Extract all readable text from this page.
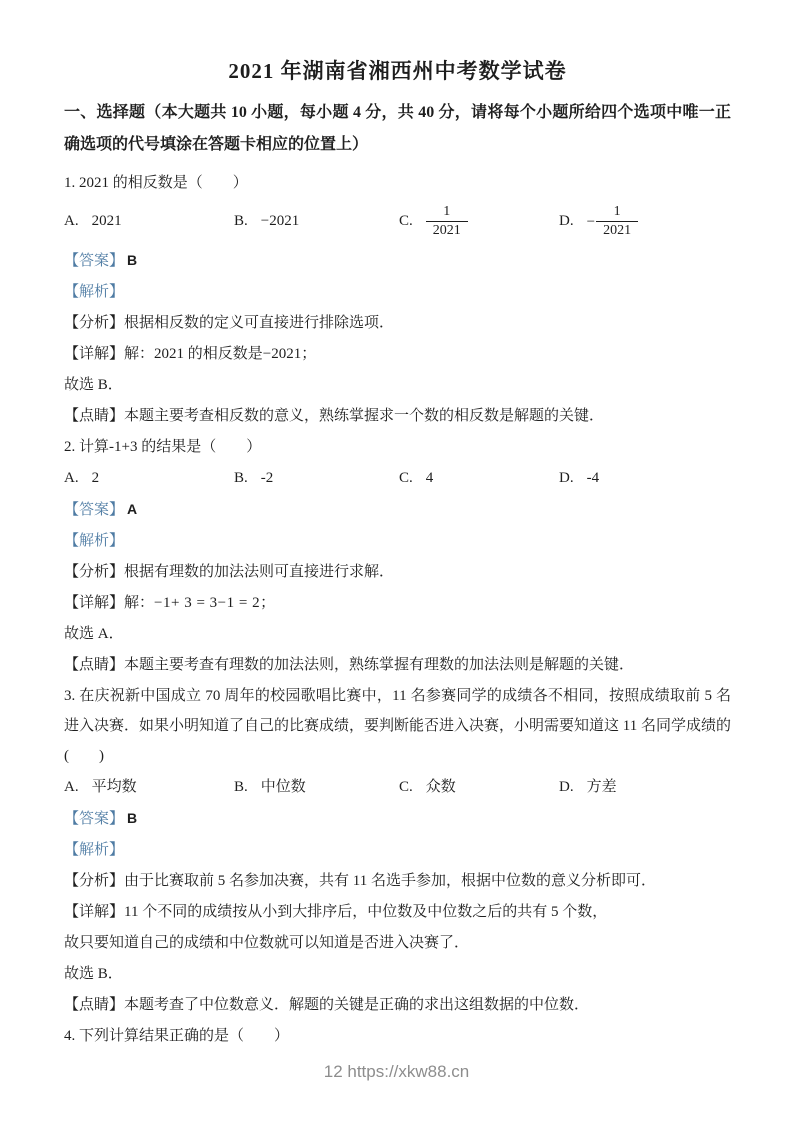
2021 年湖南省湘西州中考数学试卷

一、选择题（本大题共 10 小题，每小题 4 分，共 40 分，请将每个小题所给四个选项中唯一正确选项的代号填涂在答题卡相应的位置上）

1. 2021 的相反数是（　　）

A. 2021	B. −2021	C. $\frac{1}{2021}$	D. − $\frac{1}{2021}$

【答案】 B

【解析】

【分析】根据相反数的定义可直接进行排除选项．

【详解】解：2021 的相反数是−2021；

故选 B．

【点睛】本题主要考查相反数的意义，熟练掌握求一个数的相反数是解题的关键．

2. 计算-1+3 的结果是（　　）

A. 2	B. -2	C. 4	D. -4

【答案】 A

【解析】

【分析】根据有理数的加法法则可直接进行求解．

【详解】解：−1+ 3 = 3−1 = 2；

故选 A．

【点睛】本题主要考查有理数的加法法则，熟练掌握有理数的加法法则是解题的关键．

3. 在庆祝新中国成立 70 周年的校园歌唱比赛中，11 名参赛同学的成绩各不相同，按照成绩取前 5 名进入决赛．如果小明知道了自己的比赛成绩，要判断能否进入决赛，小明需要知道这 11 名同学成绩的(　　)

A. 平均数	B. 中位数	C. 众数	D. 方差

【答案】 B

【解析】

【分析】由于比赛取前 5 名参加决赛，共有 11 名选手参加，根据中位数的意义分析即可．

【详解】11 个不同的成绩按从小到大排序后，中位数及中位数之后的共有 5 个数，

故只要知道自己的成绩和中位数就可以知道是否进入决赛了．

故选 B．

【点睛】本题考查了中位数意义．解题的关键是正确的求出这组数据的中位数．

4. 下列计算结果正确的是（　　）

12 https://xkw88.cn
